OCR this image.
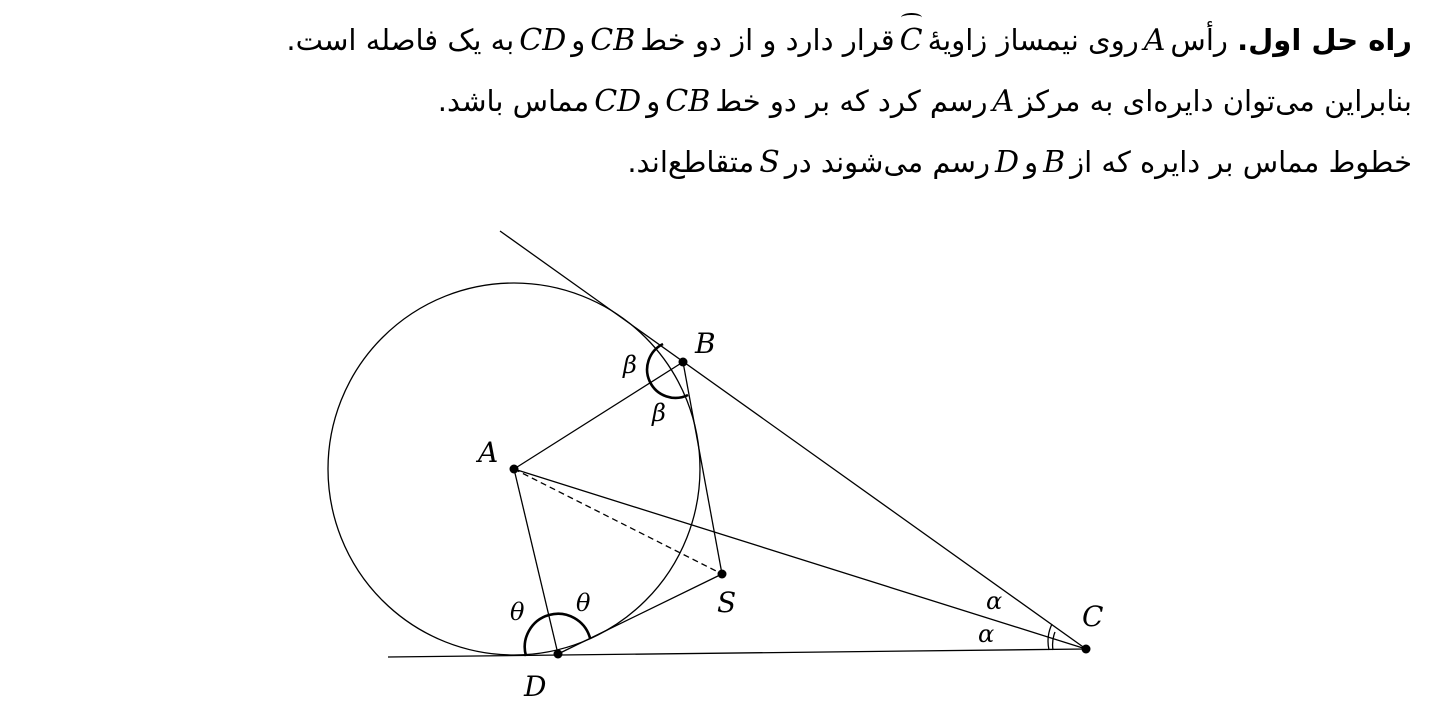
راه حل اول. رأسAروی نیمساز زاویهٔCقرار دارد و از دو خطCBوCDبه یک فاصله است.

بنابراین می‌توان دایره‌ای به مرکزAرسم کرد که بر دو خطCBوCDمماس باشد.

خطوط مماس بر دایره که ازBوDرسم می‌شوند درSمتقاطع‌اند.

A
B
C
D
S
β
β
θ θ	α
α
